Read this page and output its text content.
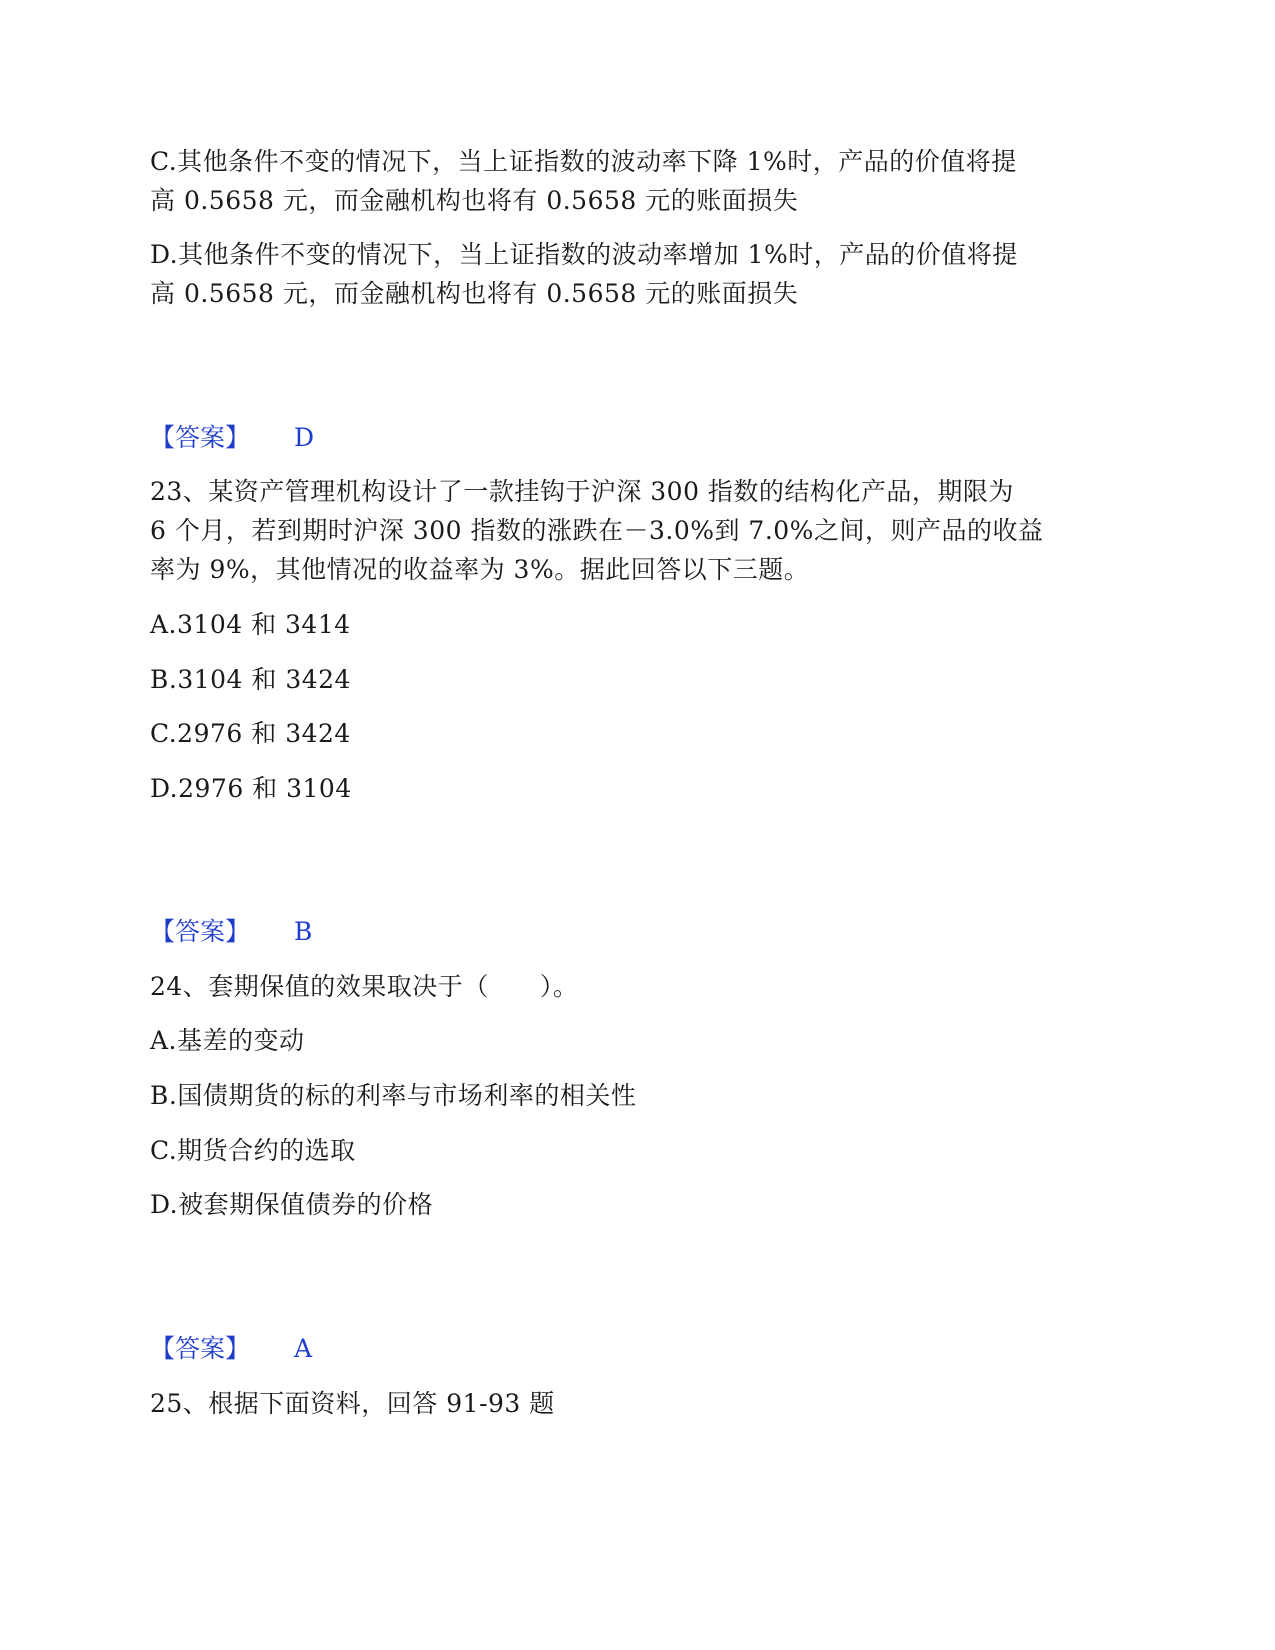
C.其他条件不变的情况下，当上证指数的波动率下降 1%时，产品的价值将提
高 0.5658 元，而金融机构也将有 0.5658 元的账面损失
D.其他条件不变的情况下，当上证指数的波动率增加 1%时，产品的价值将提
高 0.5658 元，而金融机构也将有 0.5658 元的账面损失
【答案】 D
23、某资产管理机构设计了一款挂钩于沪深 300 指数的结构化产品，期限为
6 个月，若到期时沪深 300 指数的涨跌在－3.0%到 7.0%之间，则产品的收益
率为 9%，其他情况的收益率为 3%。据此回答以下三题。
A.3104 和 3414
B.3104 和 3424
C.2976 和 3424
D.2976 和 3104
【答案】 B
24、套期保值的效果取决于（　　）。
A.基差的变动
B.国债期货的标的利率与市场利率的相关性
C.期货合约的选取
D.被套期保值债券的价格
【答案】 A
25、根据下面资料，回答 91-93 题
